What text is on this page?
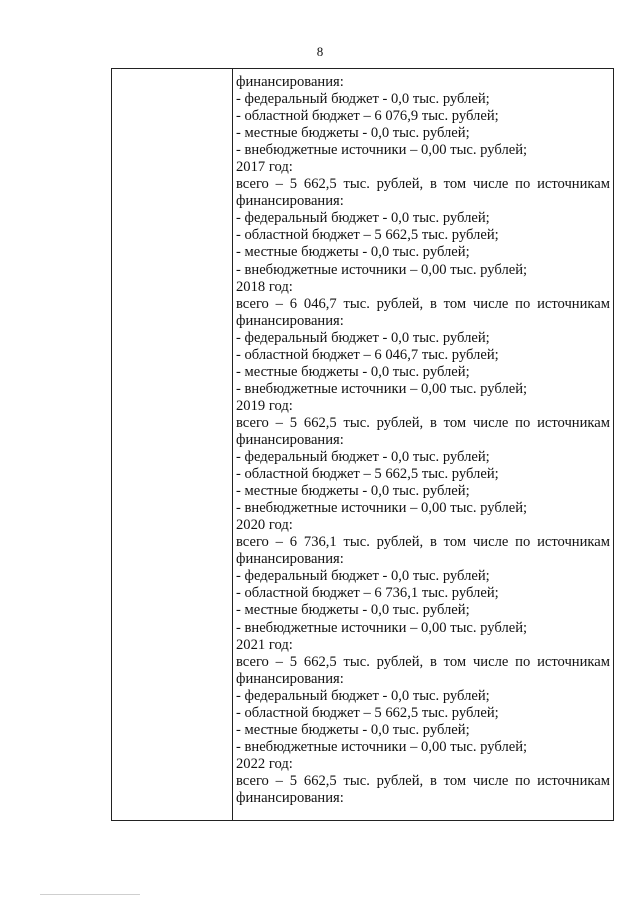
8
финансирования:
- федеральный бюджет - 0,0 тыс. рублей;
- областной бюджет – 6 076,9 тыс. рублей;
- местные бюджеты - 0,0 тыс. рублей;
- внебюджетные источники – 0,00 тыс. рублей;
2017 год:
всего – 5 662,5 тыс. рублей, в том числе по источникам
финансирования:
- федеральный бюджет - 0,0 тыс. рублей;
- областной бюджет – 5 662,5 тыс. рублей;
- местные бюджеты - 0,0 тыс. рублей;
- внебюджетные источники – 0,00 тыс. рублей;
2018 год:
всего – 6 046,7 тыс. рублей, в том числе по источникам
финансирования:
- федеральный бюджет - 0,0 тыс. рублей;
- областной бюджет – 6 046,7 тыс. рублей;
- местные бюджеты - 0,0 тыс. рублей;
- внебюджетные источники – 0,00 тыс. рублей;
2019 год:
всего – 5 662,5 тыс. рублей, в том числе по источникам
финансирования:
- федеральный бюджет - 0,0 тыс. рублей;
- областной бюджет – 5 662,5 тыс. рублей;
- местные бюджеты - 0,0 тыс. рублей;
- внебюджетные источники – 0,00 тыс. рублей;
2020 год:
всего – 6 736,1 тыс. рублей, в том числе по источникам
финансирования:
- федеральный бюджет - 0,0 тыс. рублей;
- областной бюджет – 6 736,1 тыс. рублей;
- местные бюджеты - 0,0 тыс. рублей;
- внебюджетные источники – 0,00 тыс. рублей;
2021 год:
всего – 5 662,5 тыс. рублей, в том числе по источникам
финансирования:
- федеральный бюджет - 0,0 тыс. рублей;
- областной бюджет – 5 662,5 тыс. рублей;
- местные бюджеты - 0,0 тыс. рублей;
- внебюджетные источники – 0,00 тыс. рублей;
2022 год:
всего – 5 662,5 тыс. рублей, в том числе по источникам
финансирования:
